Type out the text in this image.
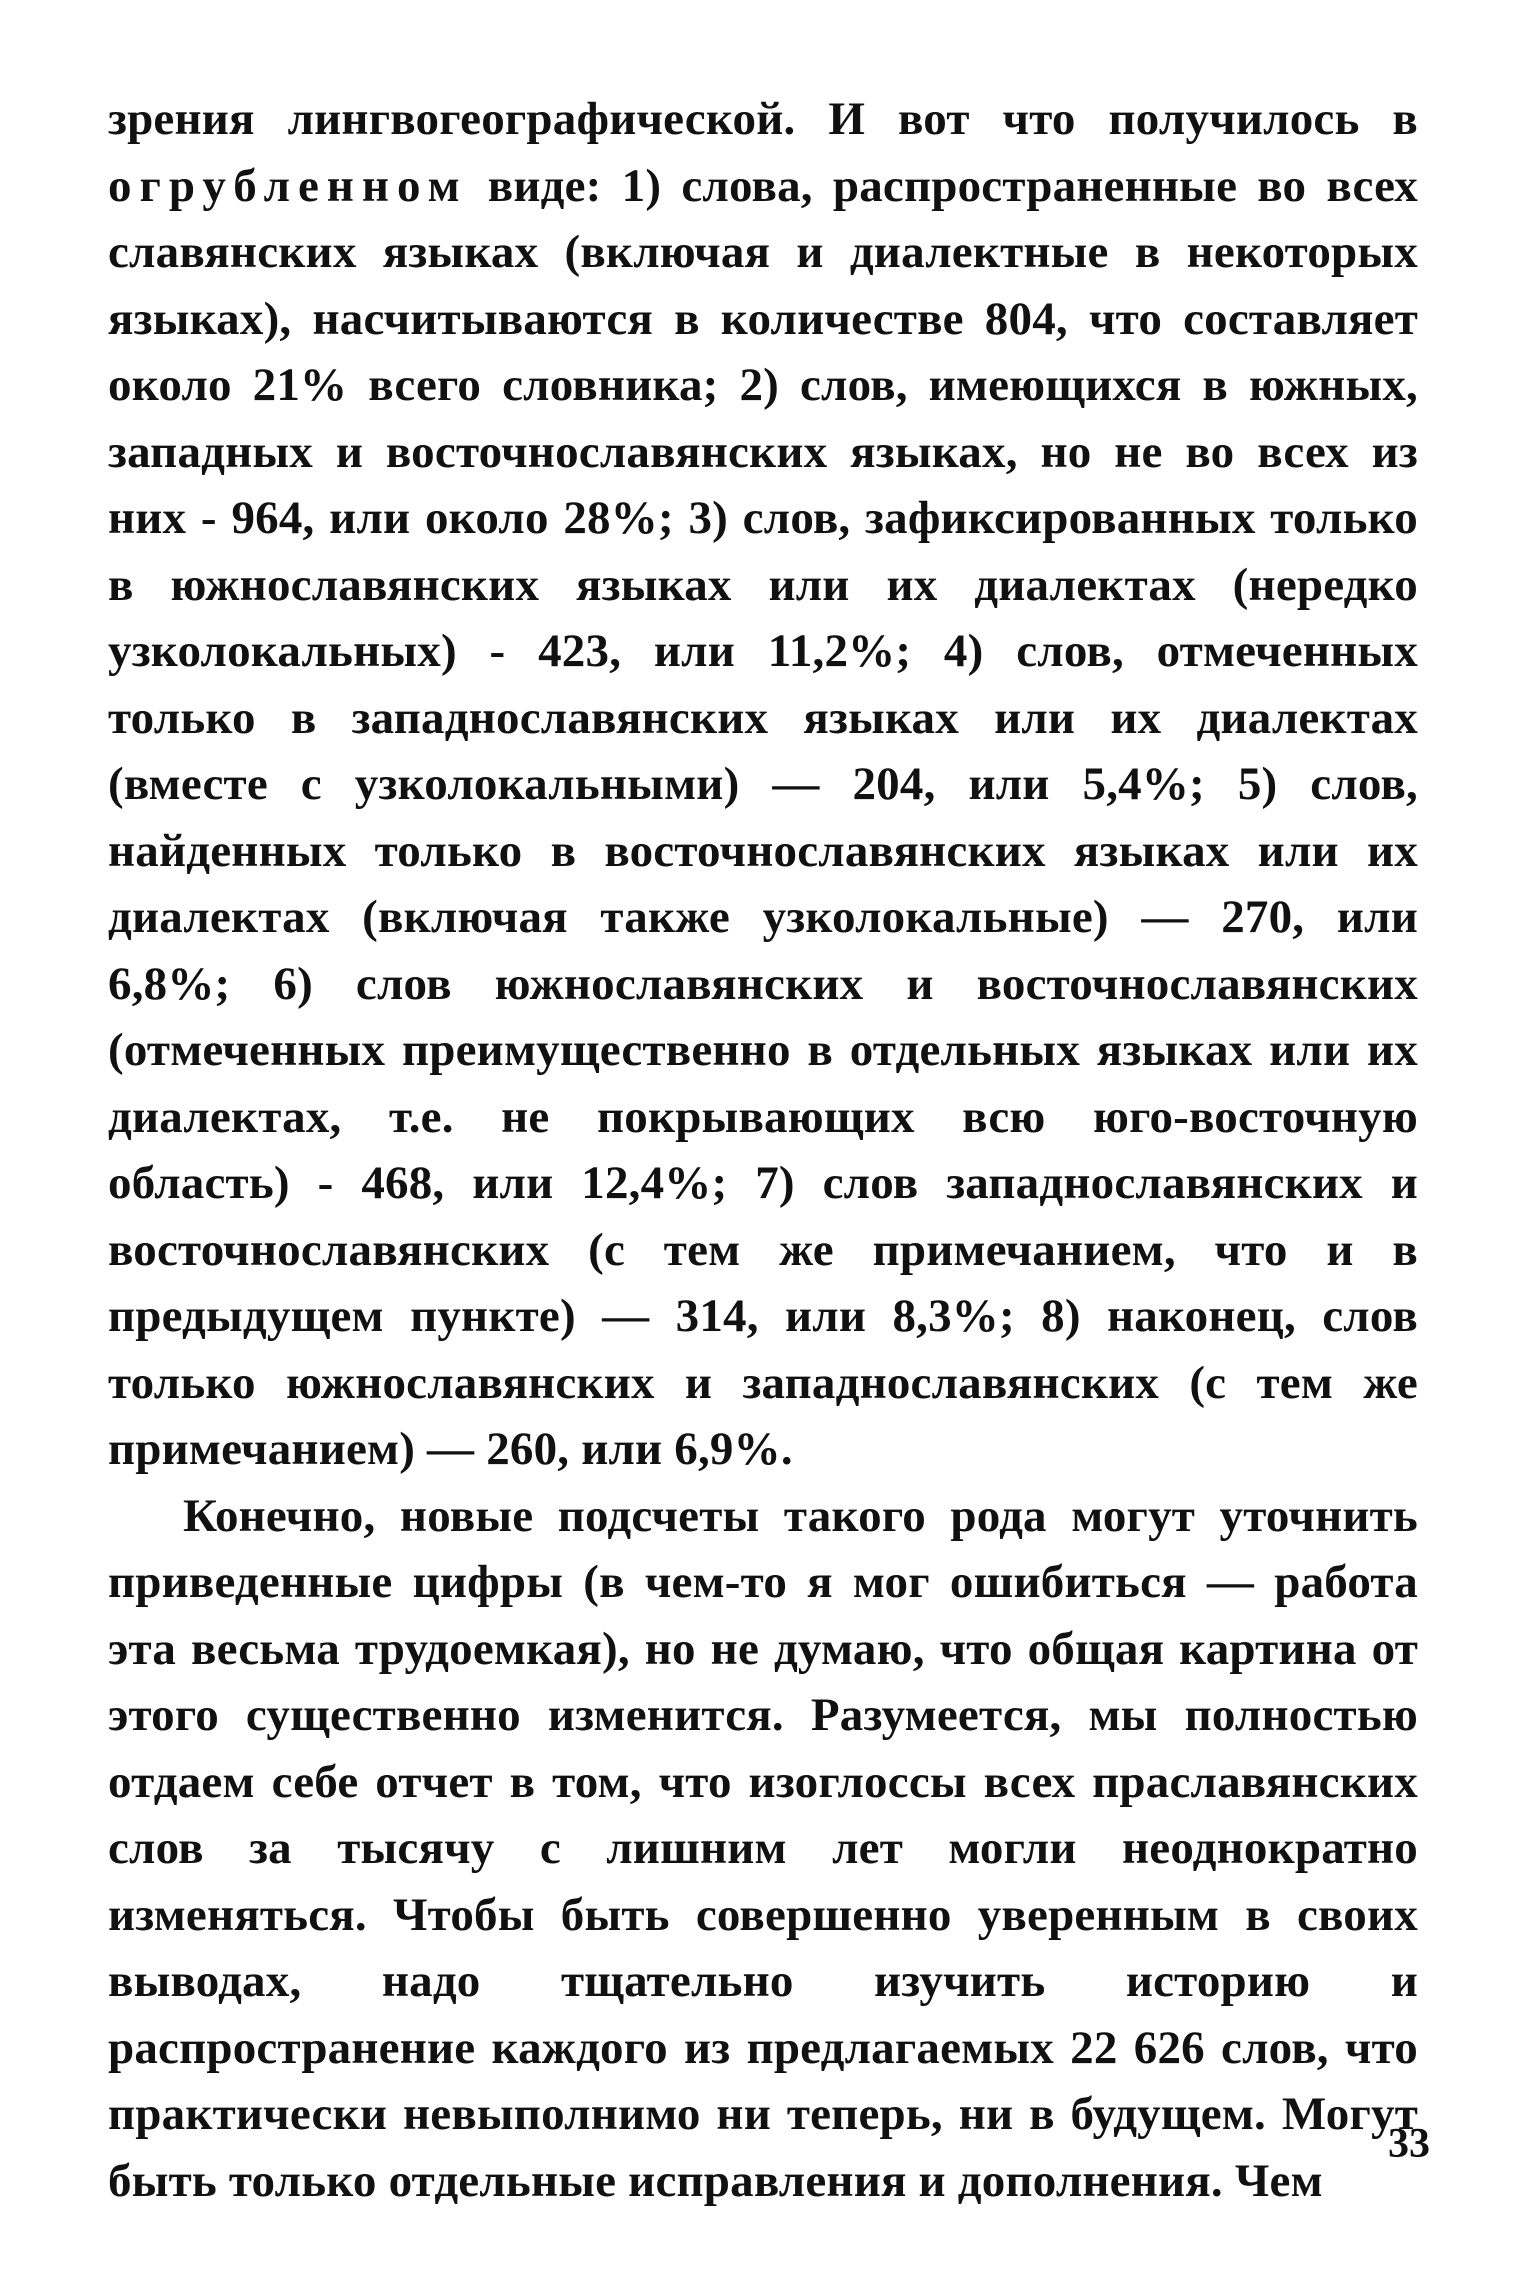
зрения лингвогеографической. И вот что получилось в огрубленном виде: 1) слова, распространенные во всех славянских языках (включая и диалектные в некоторых языках), насчитываются в количестве 804, что составляет около 21% всего словника; 2) слов, имеющихся в южных, западных и восточнославянских языках, но не во всех из них - 964, или около 28%; 3) слов, зафиксированных только в южнославянских языках или их диалектах (нередко узколокальных) - 423, или 11,2%; 4) слов, отмеченных только в западнославянских языках или их диалектах (вместе с узколокальными) — 204, или 5,4%; 5) слов, найденных только в восточнославянских языках или их диалектах (включая также узколокальные) — 270, или 6,8%; 6) слов южнославянских и восточнославянских (отмеченных преимущественно в отдельных языках или их диалектах, т.е. не покрывающих всю юго-восточную область) - 468, или 12,4%; 7) слов западнославянских и восточнославянских (с тем же примечанием, что и в предыдущем пункте) — 314, или 8,3%; 8) наконец, слов только южнославянских и западнославянских (с тем же примечанием) — 260, или 6,9%.

Конечно, новые подсчеты такого рода могут уточнить приведенные цифры (в чем-то я мог ошибиться — работа эта весьма трудоемкая), но не думаю, что общая картина от этого существенно изменится. Разумеется, мы полностью отдаем себе отчет в том, что изоглоссы всех праславянских слов за тысячу с лишним лет могли неоднократно изменяться. Чтобы быть совершенно уверенным в своих выводах, надо тщательно изучить историю и распространение каждого из предлагаемых 22 626 слов, что практически невыполнимо ни теперь, ни в будущем. Могут быть только отдельные исправления и дополнения. Чем

33
